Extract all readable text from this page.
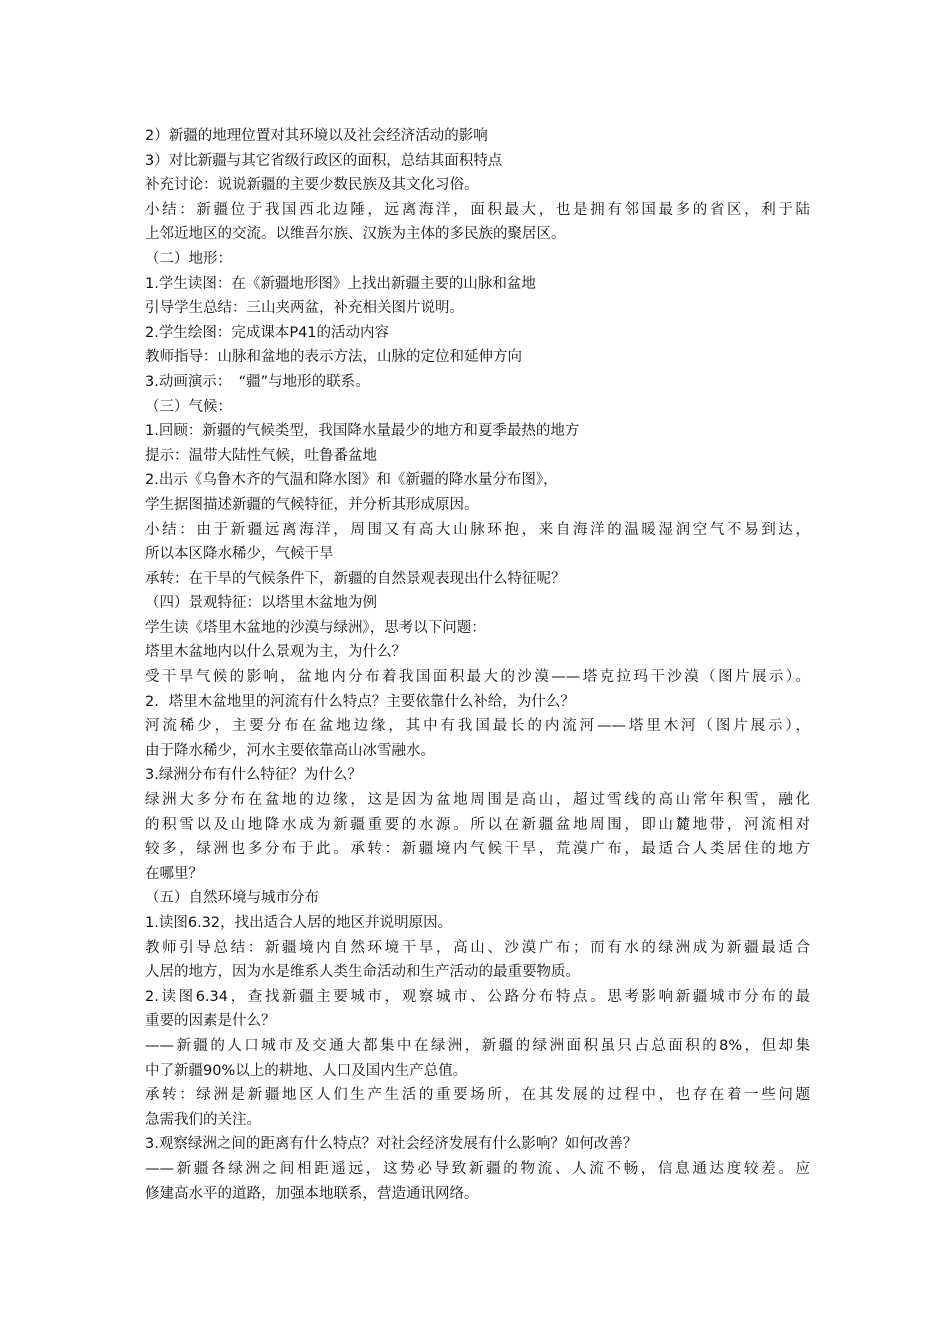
2）新疆的地理位置对其环境以及社会经济活动的影响
3）对比新疆与其它省级行政区的面积，总结其面积特点
补充讨论：说说新疆的主要少数民族及其文化习俗。
小结：新疆位于我国西北边陲，远离海洋，面积最大，也是拥有邻国最多的省区，利于陆
上邻近地区的交流。以维吾尔族、汉族为主体的多民族的聚居区。
（二）地形：
1.学生读图：在《新疆地形图》上找出新疆主要的山脉和盆地
引导学生总结：三山夹两盆，补充相关图片说明。
2.学生绘图：完成课本P41的活动内容
教师指导：山脉和盆地的表示方法，山脉的定位和延伸方向
3.动画演示：　“疆”与地形的联系。
（三）气候：
1.回顾：新疆的气候类型，我国降水量最少的地方和夏季最热的地方
提示：温带大陆性气候，吐鲁番盆地
2.出示《乌鲁木齐的气温和降水图》和《新疆的降水量分布图》，
学生据图描述新疆的气候特征，并分析其形成原因。
小结：由于新疆远离海洋，周围又有高大山脉环抱，来自海洋的温暖湿润空气不易到达，
所以本区降水稀少，气候干旱
承转：在干旱的气候条件下，新疆的自然景观表现出什么特征呢？
（四）景观特征：以塔里木盆地为例
学生读《塔里木盆地的沙漠与绿洲》，思考以下问题：
塔里木盆地内以什么景观为主，为什么？
受干旱气候的影响，盆地内分布着我国面积最大的沙漠——塔克拉玛干沙漠（图片展示）。
2．塔里木盆地里的河流有什么特点？主要依靠什么补给，为什么？
河流稀少，主要分布在盆地边缘，其中有我国最长的内流河——塔里木河（图片展示），
由于降水稀少，河水主要依靠高山冰雪融水。
3.绿洲分布有什么特征？为什么？
绿洲大多分布在盆地的边缘，这是因为盆地周围是高山，超过雪线的高山常年积雪，融化
的积雪以及山地降水成为新疆重要的水源。所以在新疆盆地周围，即山麓地带，河流相对
较多，绿洲也多分布于此。承转：新疆境内气候干旱，荒漠广布，最适合人类居住的地方
在哪里？
（五）自然环境与城市分布
1.读图6.32，找出适合人居的地区并说明原因。
教师引导总结：新疆境内自然环境干旱，高山、沙漠广布；而有水的绿洲成为新疆最适合
人居的地方，因为水是维系人类生命活动和生产活动的最重要物质。
2.读图6.34，查找新疆主要城市，观察城市、公路分布特点。思考影响新疆城市分布的最
重要的因素是什么？
——新疆的人口城市及交通大都集中在绿洲，新疆的绿洲面积虽只占总面积的8%，但却集
中了新疆90%以上的耕地、人口及国内生产总值。
承转：绿洲是新疆地区人们生产生活的重要场所，在其发展的过程中，也存在着一些问题
急需我们的关注。
3.观察绿洲之间的距离有什么特点？对社会经济发展有什么影响？如何改善？
——新疆各绿洲之间相距遥远，这势必导致新疆的物流、人流不畅，信息通达度较差。应
修建高水平的道路，加强本地联系，营造通讯网络。
